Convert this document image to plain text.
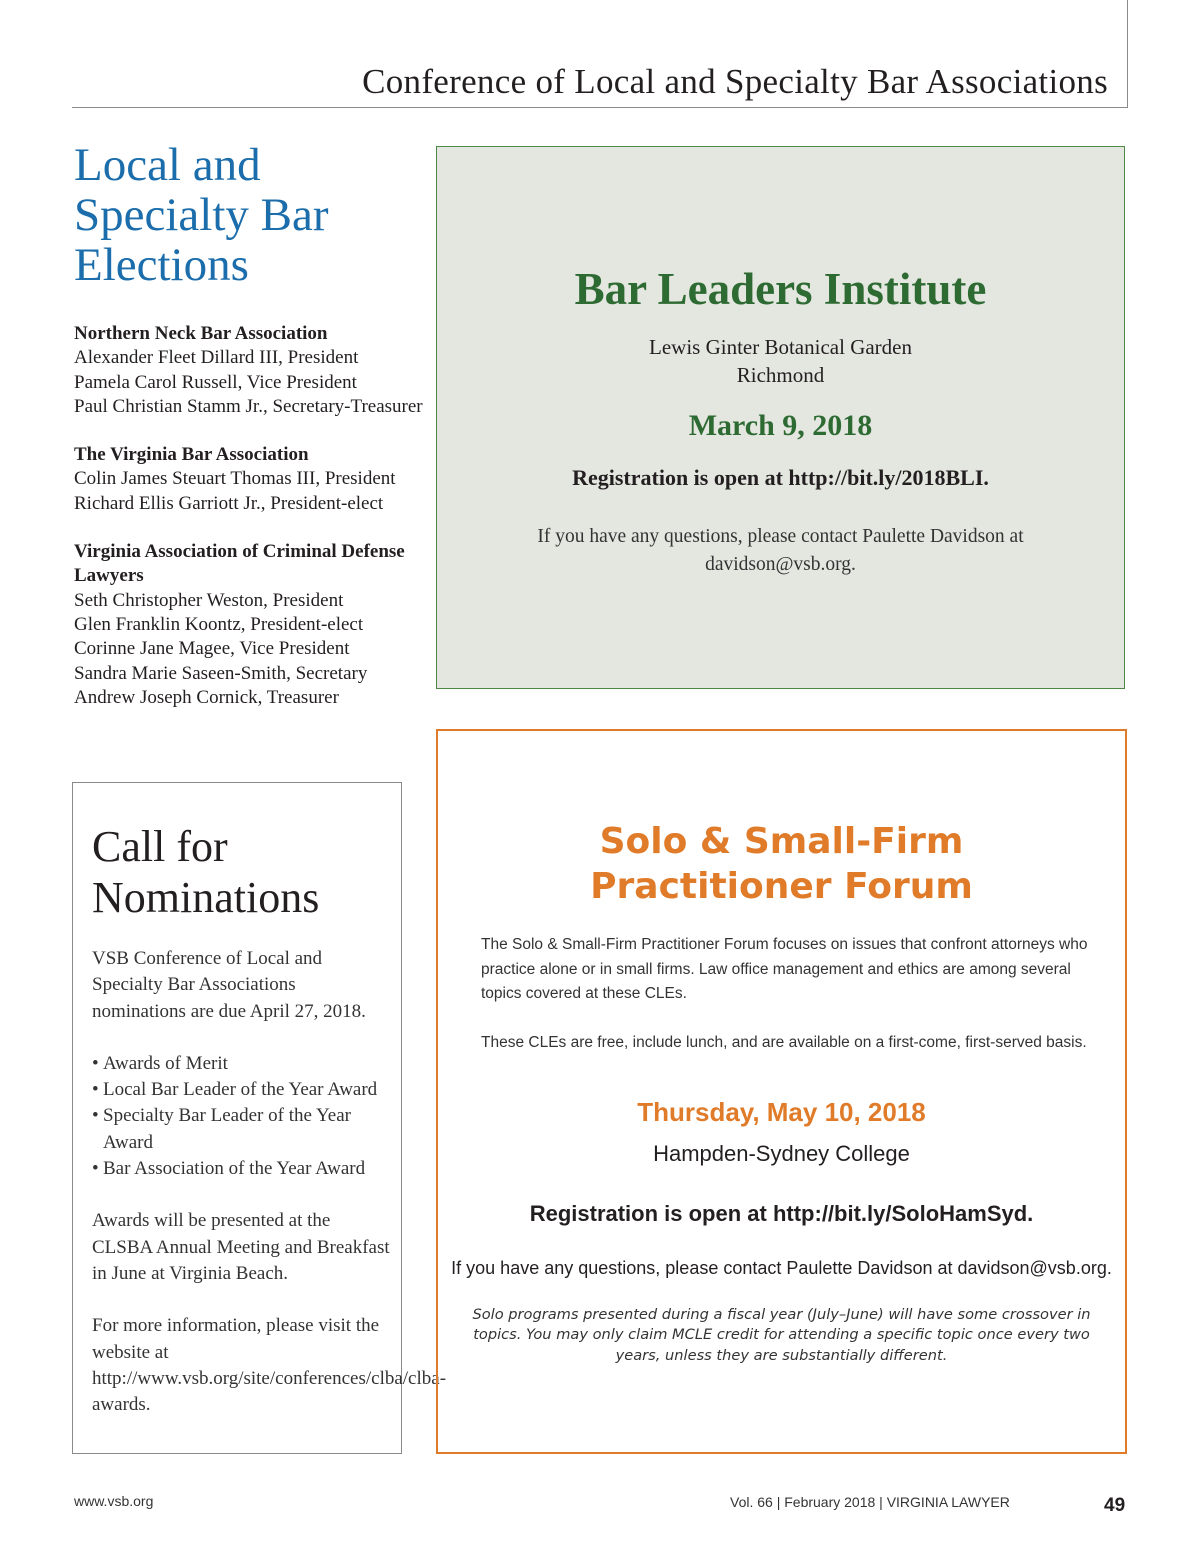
Conference of Local and Specialty Bar Associations
Local and Specialty Bar Elections
Northern Neck Bar Association
Alexander Fleet Dillard III, President
Pamela Carol Russell, Vice President
Paul Christian Stamm Jr., Secretary-Treasurer
The Virginia Bar Association
Colin James Steuart Thomas III, President
Richard Ellis Garriott Jr., President-elect
Virginia Association of Criminal Defense Lawyers
Seth Christopher Weston, President
Glen Franklin Koontz, President-elect
Corinne Jane Magee, Vice President
Sandra Marie Saseen-Smith, Secretary
Andrew Joseph Cornick, Treasurer
Bar Leaders Institute
Lewis Ginter Botanical Garden
Richmond
March 9, 2018
Registration is open at http://bit.ly/2018BLI.
If you have any questions, please contact Paulette Davidson at davidson@vsb.org.
Call for Nominations

VSB Conference of Local and Specialty Bar Associations nominations are due April 27, 2018.

• Awards of Merit
• Local Bar Leader of the Year Award
• Specialty Bar Leader of the Year Award
• Bar Association of the Year Award

Awards will be presented at the CLSBA Annual Meeting and Breakfast in June at Virginia Beach.

For more information, please visit the website at http://www.vsb.org/site/conferences/clba/clba-awards.

Solo & Small-Firm
Practitioner Forum

The Solo & Small-Firm Practitioner Forum focuses on issues that confront attorneys who practice alone or in small firms. Law office management and ethics are among several topics covered at these CLEs.

These CLEs are free, include lunch, and are available on a first-come, first-served basis.

Thursday, May 10, 2018
Hampden-Sydney College
Registration is open at http://bit.ly/SoloHamSyd.
If you have any questions, please contact Paulette Davidson at davidson@vsb.org.
Solo programs presented during a fiscal year (July–June) will have some crossover in topics. You may only claim MCLE credit for attending a specific topic once every two years, unless they are substantially different.
www.vsb.org	Vol. 66 | February 2018 | VIRGINIA LAWYER	49
